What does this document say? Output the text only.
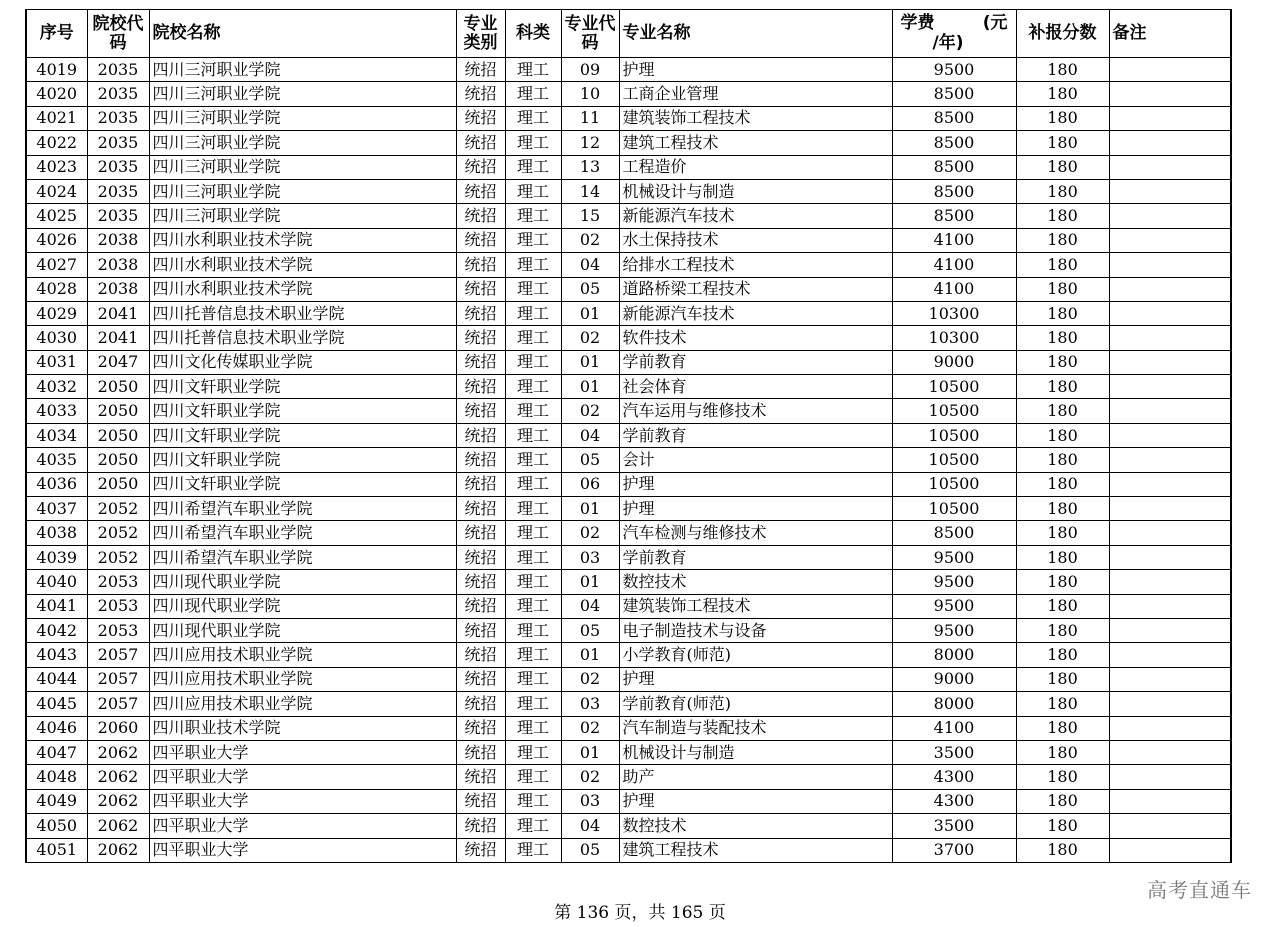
序号	院校代码	院校名称	专业类别	科类	专业代码	专业名称	学费 (元
/年)	补报分数	备注
4019	2035	四川三河职业学院	统招	理工	09	护理	9500	180	
4020	2035	四川三河职业学院	统招	理工	10	工商企业管理	8500	180	
4021	2035	四川三河职业学院	统招	理工	11	建筑装饰工程技术	8500	180	
4022	2035	四川三河职业学院	统招	理工	12	建筑工程技术	8500	180	
4023	2035	四川三河职业学院	统招	理工	13	工程造价	8500	180	
4024	2035	四川三河职业学院	统招	理工	14	机械设计与制造	8500	180	
4025	2035	四川三河职业学院	统招	理工	15	新能源汽车技术	8500	180	
4026	2038	四川水利职业技术学院	统招	理工	02	水土保持技术	4100	180	
4027	2038	四川水利职业技术学院	统招	理工	04	给排水工程技术	4100	180	
4028	2038	四川水利职业技术学院	统招	理工	05	道路桥梁工程技术	4100	180	
4029	2041	四川托普信息技术职业学院	统招	理工	01	新能源汽车技术	10300	180	
4030	2041	四川托普信息技术职业学院	统招	理工	02	软件技术	10300	180	
4031	2047	四川文化传媒职业学院	统招	理工	01	学前教育	9000	180	
4032	2050	四川文轩职业学院	统招	理工	01	社会体育	10500	180	
4033	2050	四川文轩职业学院	统招	理工	02	汽车运用与维修技术	10500	180	
4034	2050	四川文轩职业学院	统招	理工	04	学前教育	10500	180	
4035	2050	四川文轩职业学院	统招	理工	05	会计	10500	180	
4036	2050	四川文轩职业学院	统招	理工	06	护理	10500	180	
4037	2052	四川希望汽车职业学院	统招	理工	01	护理	10500	180	
4038	2052	四川希望汽车职业学院	统招	理工	02	汽车检测与维修技术	8500	180	
4039	2052	四川希望汽车职业学院	统招	理工	03	学前教育	9500	180	
4040	2053	四川现代职业学院	统招	理工	01	数控技术	9500	180	
4041	2053	四川现代职业学院	统招	理工	04	建筑装饰工程技术	9500	180	
4042	2053	四川现代职业学院	统招	理工	05	电子制造技术与设备	9500	180	
4043	2057	四川应用技术职业学院	统招	理工	01	小学教育(师范)	8000	180	
4044	2057	四川应用技术职业学院	统招	理工	02	护理	9000	180	
4045	2057	四川应用技术职业学院	统招	理工	03	学前教育(师范)	8000	180	
4046	2060	四川职业技术学院	统招	理工	02	汽车制造与装配技术	4100	180	
4047	2062	四平职业大学	统招	理工	01	机械设计与制造	3500	180	
4048	2062	四平职业大学	统招	理工	02	助产	4300	180	
4049	2062	四平职业大学	统招	理工	03	护理	4300	180	
4050	2062	四平职业大学	统招	理工	04	数控技术	3500	180	
4051	2062	四平职业大学	统招	理工	05	建筑工程技术	3700	180	
高考直通车
第 136 页，共 165 页
